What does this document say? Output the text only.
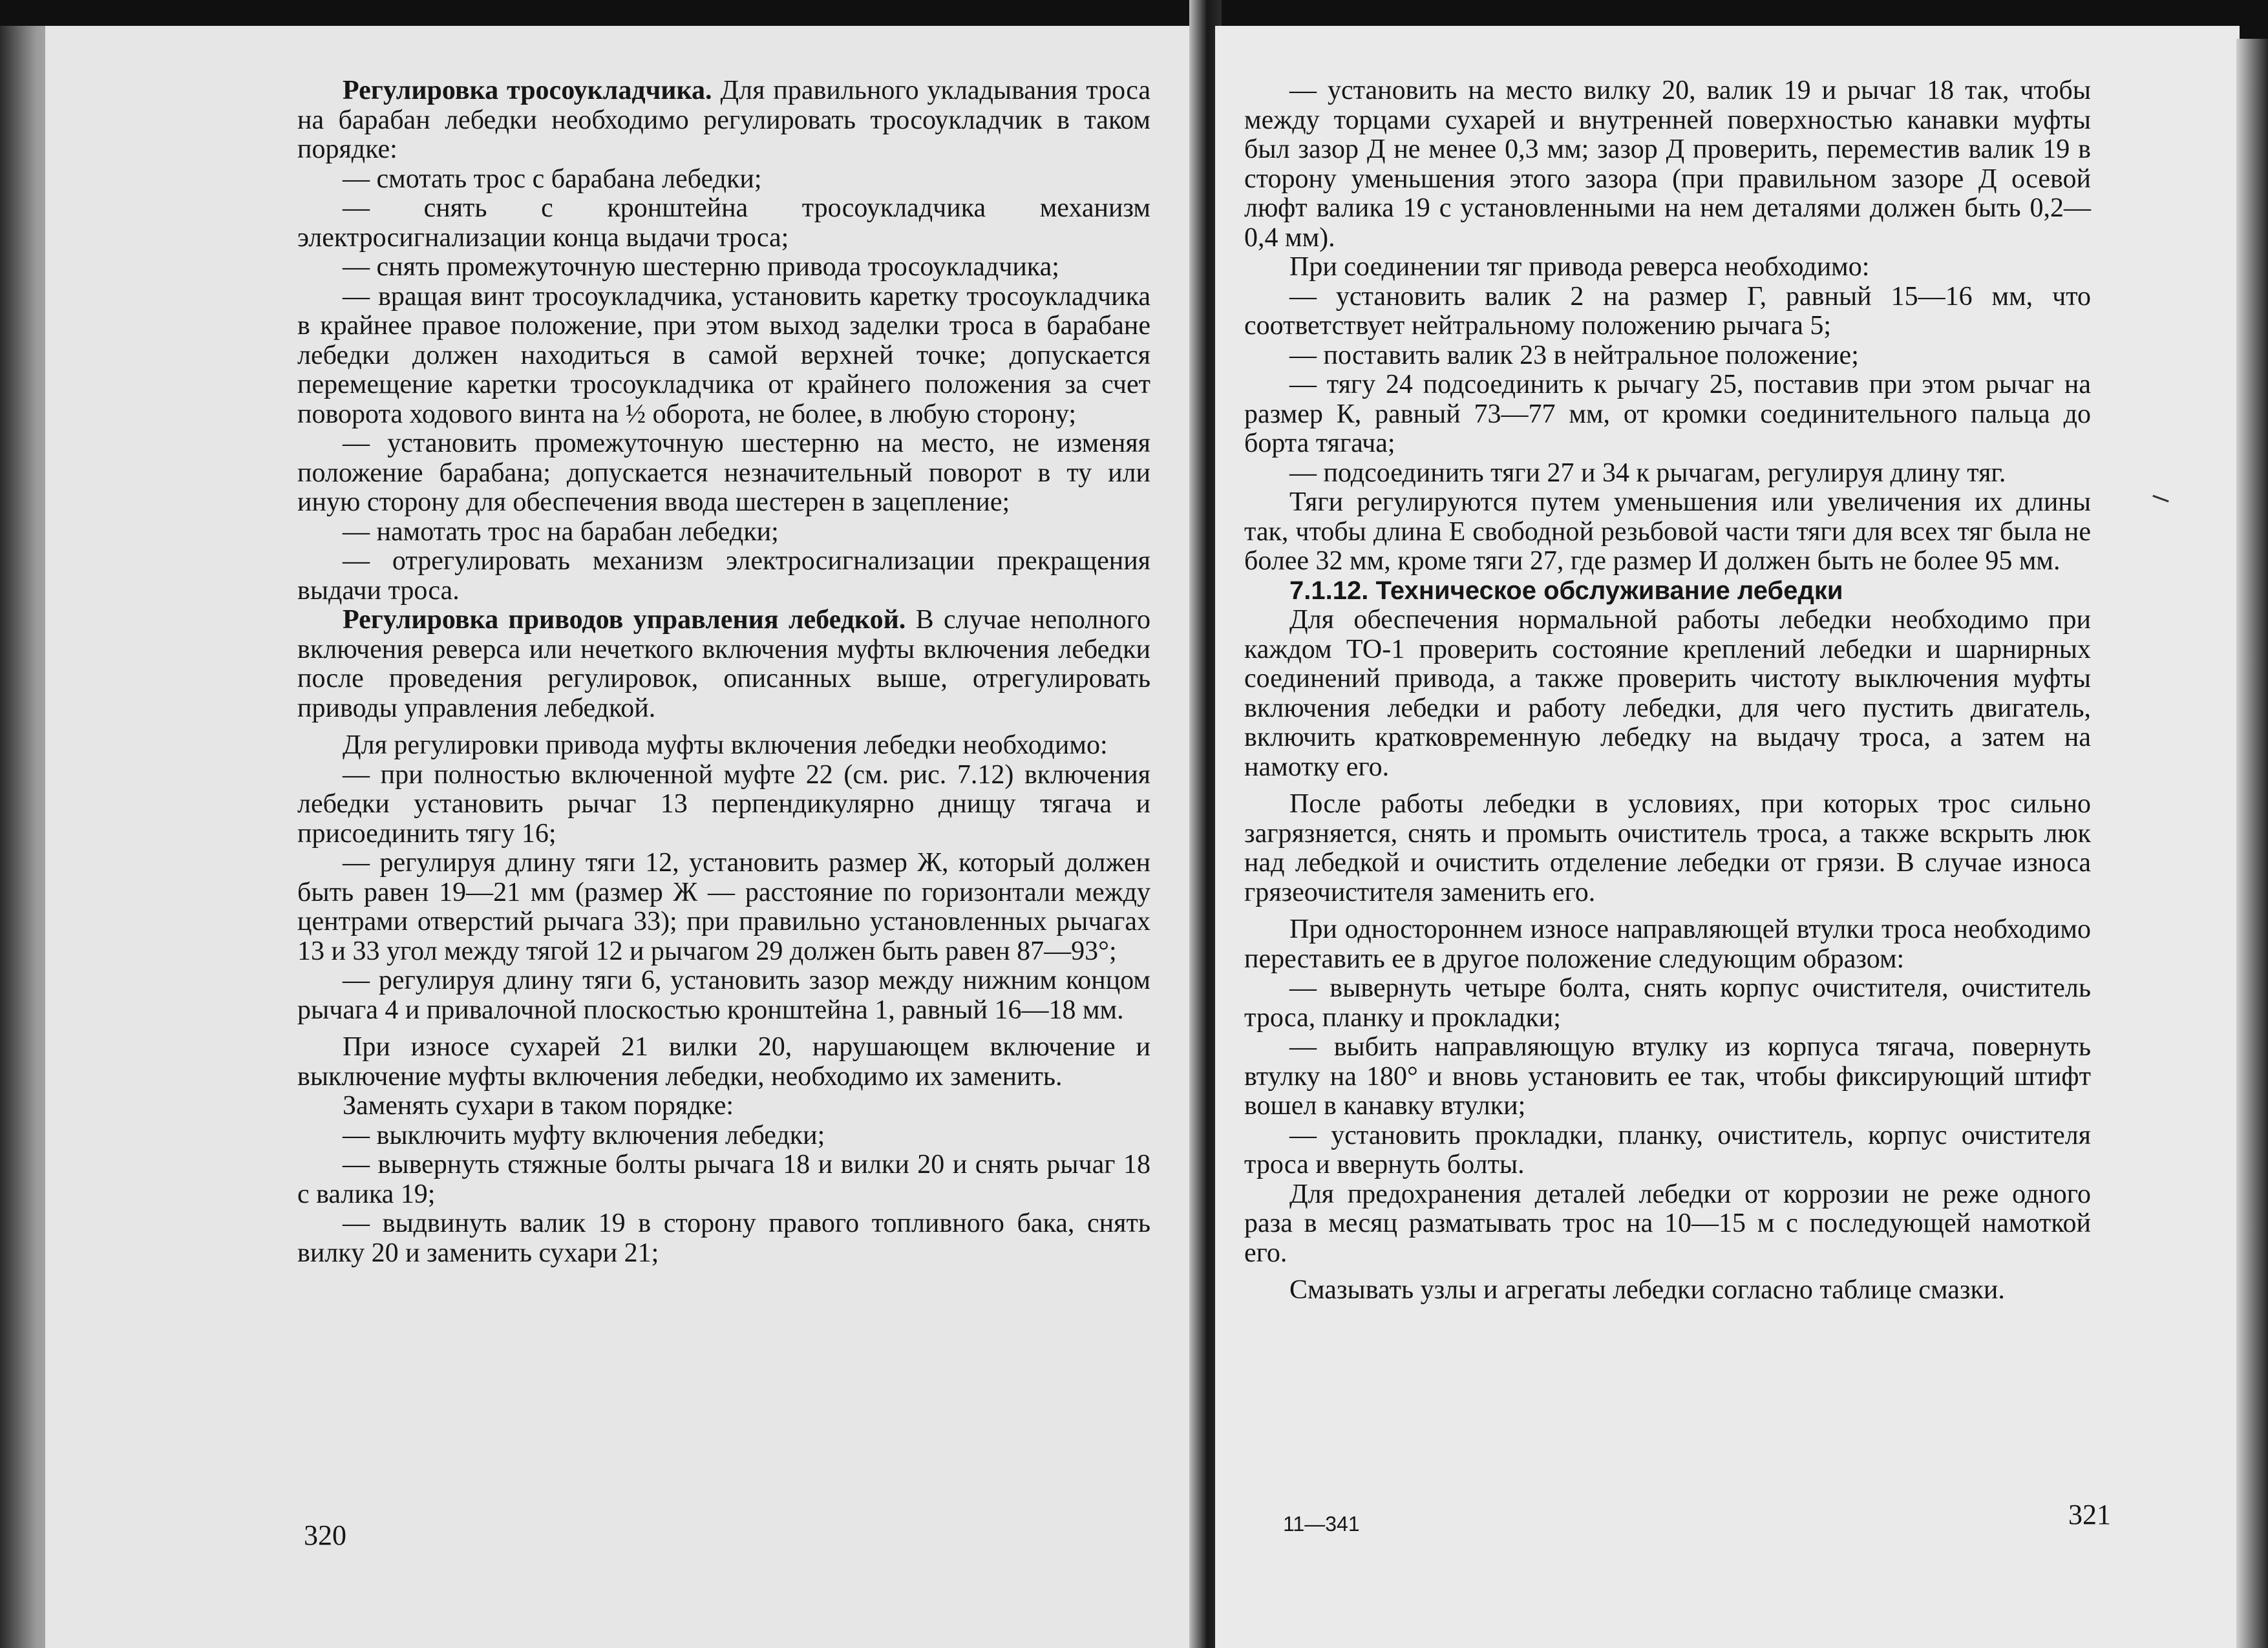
Регулировка тросоукладчика. Для правильного укладывания троса на барабан лебедки необходимо регулировать тросоукладчик в таком порядке:

— смотать трос с барабана лебедки;

— снять с кронштейна тросоукладчика механизм электросигнализации конца выдачи троса;

— снять промежуточную шестерню привода тросоукладчика;

— вращая винт тросоукладчика, установить каретку тросоукладчика в крайнее правое положение, при этом выход заделки троса в барабане лебедки должен находиться в самой верхней точке; допускается перемещение каретки тросоукладчика от крайнего положения за счет поворота ходового винта на ½ оборота, не более, в любую сторону;

— установить промежуточную шестерню на место, не изменяя положение барабана; допускается незначительный поворот в ту или иную сторону для обеспечения ввода шестерен в зацепление;

— намотать трос на барабан лебедки;

— отрегулировать механизм электросигнализации прекращения выдачи троса.

Регулировка приводов управления лебедкой. В случае неполного включения реверса или нечеткого включения муфты включения лебедки после проведения регулировок, описанных выше, отрегулировать приводы управления лебедкой.

Для регулировки привода муфты включения лебедки необходимо:

— при полностью включенной муфте 22 (см. рис. 7.12) включения лебедки установить рычаг 13 перпендикулярно днищу тягача и присоединить тягу 16;

— регулируя длину тяги 12, установить размер Ж, который должен быть равен 19—21 мм (размер Ж — расстояние по горизонтали между центрами отверстий рычага 33); при правильно установленных рычагах 13 и 33 угол между тягой 12 и рычагом 29 должен быть равен 87—93°;

— регулируя длину тяги 6, установить зазор между нижним концом рычага 4 и привалочной плоскостью кронштейна 1, равный 16—18 мм.

При износе сухарей 21 вилки 20, нарушающем включение и выключение муфты включения лебедки, необходимо их заменить.

Заменять сухари в таком порядке:

— выключить муфту включения лебедки;

— вывернуть стяжные болты рычага 18 и вилки 20 и снять рычаг 18 с валика 19;

— выдвинуть валик 19 в сторону правого топливного бака, снять вилку 20 и заменить сухари 21;

320

— установить на место вилку 20, валик 19 и рычаг 18 так, чтобы между торцами сухарей и внутренней поверхностью канавки муфты был зазор Д не менее 0,3 мм; зазор Д проверить, переместив валик 19 в сторону уменьшения этого зазора (при правильном зазоре Д осевой люфт валика 19 с установленными на нем деталями должен быть 0,2—0,4 мм).

При соединении тяг привода реверса необходимо:

— установить валик 2 на размер Г, равный 15—16 мм, что соответствует нейтральному положению рычага 5;

— поставить валик 23 в нейтральное положение;

— тягу 24 подсоединить к рычагу 25, поставив при этом рычаг на размер К, равный 73—77 мм, от кромки соединительного пальца до борта тягача;

— подсоединить тяги 27 и 34 к рычагам, регулируя длину тяг.

Тяги регулируются путем уменьшения или увеличения их длины так, чтобы длина Е свободной резьбовой части тяги для всех тяг была не более 32 мм, кроме тяги 27, где размер И должен быть не более 95 мм.

7.1.12. Техническое обслуживание лебедки

Для обеспечения нормальной работы лебедки необходимо при каждом ТО-1 проверить состояние креплений лебедки и шарнирных соединений привода, а также проверить чистоту выключения муфты включения лебедки и работу лебедки, для чего пустить двигатель, включить кратковременную лебедку на выдачу троса, а затем на намотку его.

После работы лебедки в условиях, при которых трос сильно загрязняется, снять и промыть очиститель троса, а также вскрыть люк над лебедкой и очистить отделение лебедки от грязи. В случае износа грязеочистителя заменить его.

При одностороннем износе направляющей втулки троса необходимо переставить ее в другое положение следующим образом:

— вывернуть четыре болта, снять корпус очистителя, очиститель троса, планку и прокладки;

— выбить направляющую втулку из корпуса тягача, повернуть втулку на 180° и вновь установить ее так, чтобы фиксирующий штифт вошел в канавку втулки;

— установить прокладки, планку, очиститель, корпус очистителя троса и ввернуть болты.

Для предохранения деталей лебедки от коррозии не реже одного раза в месяц разматывать трос на 10—15 м с последующей намоткой его.

Смазывать узлы и агрегаты лебедки согласно таблице смазки.

11—341	321
